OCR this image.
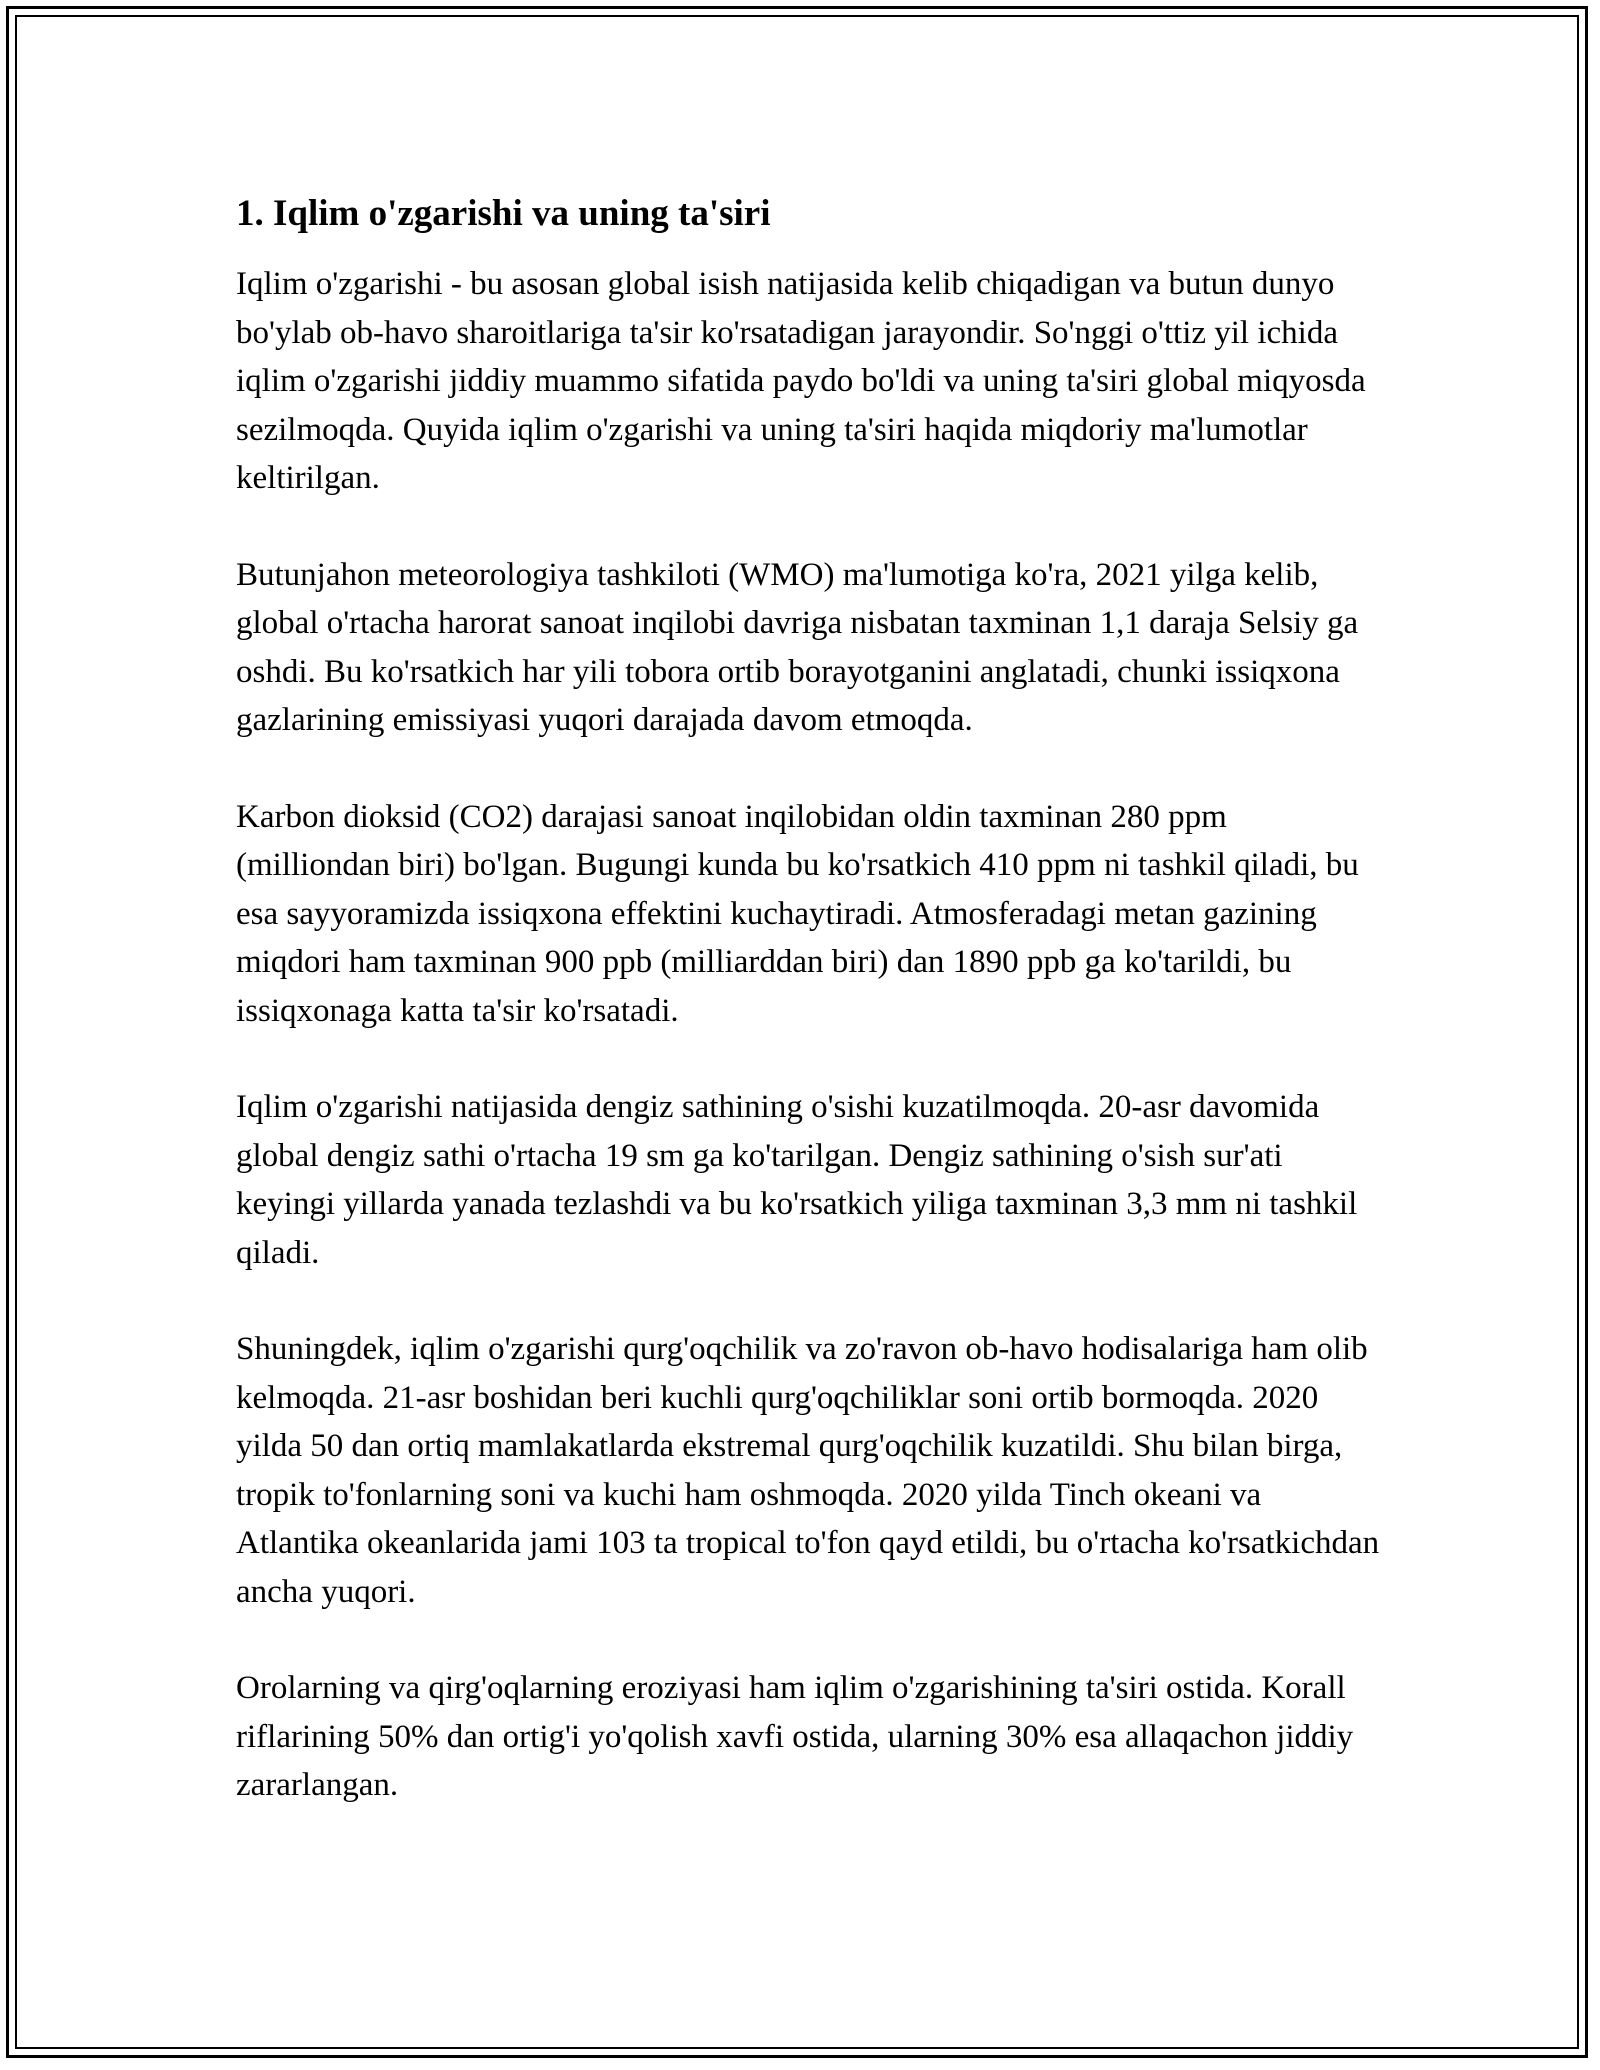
1. Iqlim o'zgarishi va uning ta'siri

Iqlim o'zgarishi - bu asosan global isish natijasida kelib chiqadigan va butun dunyo bo'ylab ob-havo sharoitlariga ta'sir ko'rsatadigan jarayondir. So'nggi o'ttiz yil ichida iqlim o'zgarishi jiddiy muammo sifatida paydo bo'ldi va uning ta'siri global miqyosda sezilmoqda. Quyida iqlim o'zgarishi va uning ta'siri haqida miqdoriy ma'lumotlar keltirilgan.

Butunjahon meteorologiya tashkiloti (WMO) ma'lumotiga ko'ra, 2021 yilga kelib, global o'rtacha harorat sanoat inqilobi davriga nisbatan taxminan 1,1 daraja Selsiy ga oshdi. Bu ko'rsatkich har yili tobora ortib borayotganini anglatadi, chunki issiqxona gazlarining emissiyasi yuqori darajada davom etmoqda.

Karbon dioksid (CO2) darajasi sanoat inqilobidan oldin taxminan 280 ppm (milliondan biri) bo'lgan. Bugungi kunda bu ko'rsatkich 410 ppm ni tashkil qiladi, bu esa sayyoramizda issiqxona effektini kuchaytiradi. Atmosferadagi metan gazining miqdori ham taxminan 900 ppb (milliarddan biri) dan 1890 ppb ga ko'tarildi, bu issiqxonaga katta ta'sir ko'rsatadi.

Iqlim o'zgarishi natijasida dengiz sathining o'sishi kuzatilmoqda. 20-asr davomida global dengiz sathi o'rtacha 19 sm ga ko'tarilgan. Dengiz sathining o'sish sur'ati keyingi yillarda yanada tezlashdi va bu ko'rsatkich yiliga taxminan 3,3 mm ni tashkil qiladi.

Shuningdek, iqlim o'zgarishi qurg'oqchilik va zo'ravon ob-havo hodisalariga ham olib kelmoqda. 21-asr boshidan beri kuchli qurg'oqchiliklar soni ortib bormoqda. 2020 yilda 50 dan ortiq mamlakatlarda ekstremal qurg'oqchilik kuzatildi. Shu bilan birga, tropik to'fonlarning soni va kuchi ham oshmoqda. 2020 yilda Tinch okeani va Atlantika okeanlarida jami 103 ta tropical to'fon qayd etildi, bu o'rtacha ko'rsatkichdan ancha yuqori.

Orolarning va qirg'oqlarning eroziyasi ham iqlim o'zgarishining ta'siri ostida. Korall riflarining 50% dan ortig'i yo'qolish xavfi ostida, ularning 30% esa allaqachon jiddiy zararlangan.
